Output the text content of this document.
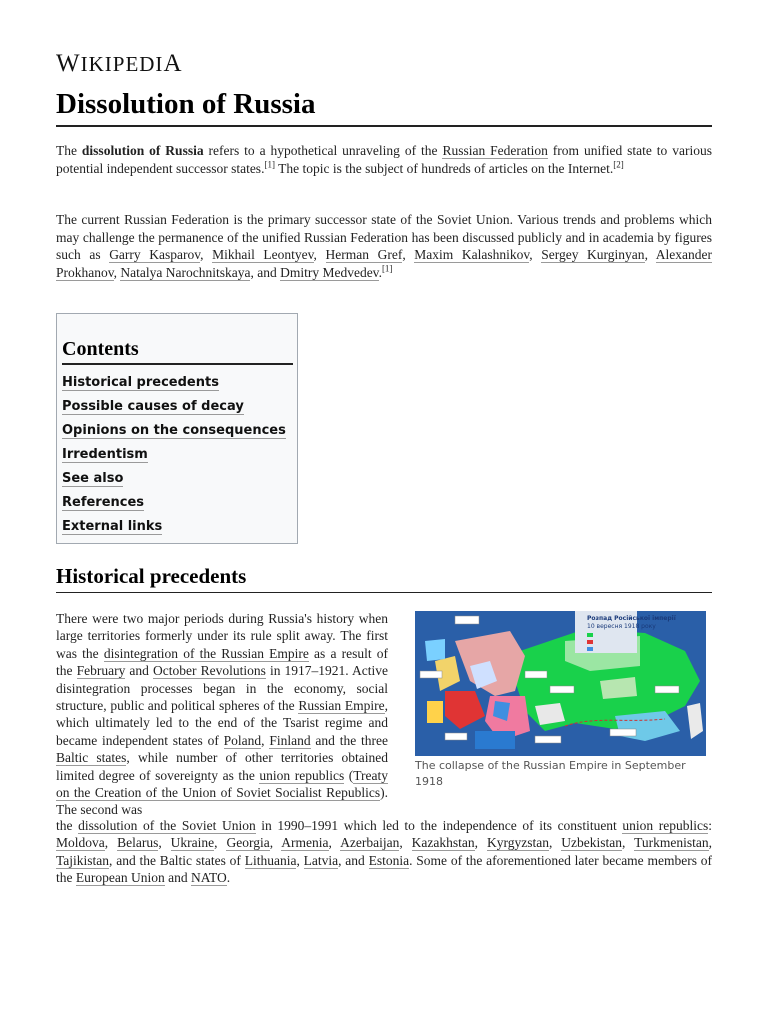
WIKIPEDIA
Dissolution of Russia

The dissolution of Russia refers to a hypothetical unraveling of the Russian Federation from unified state to various potential independent successor states.[1] The topic is the subject of hundreds of articles on the Internet.[2]

The current Russian Federation is the primary successor state of the Soviet Union. Various trends and problems which may challenge the permanence of the unified Russian Federation has been discussed publicly and in academia by figures such as Garry Kasparov, Mikhail Leontyev, Herman Gref, Maxim Kalashnikov, Sergey Kurginyan, Alexander Prokhanov, Natalya Narochnitskaya, and Dmitry Medvedev.[1]

Contents
Historical precedents
Possible causes of decay
Opinions on the consequences
Irredentism
See also
References
External links
Historical precedents

There were two major periods during Russia's history when large territories formerly under its rule split away. The first was the disintegration of the Russian Empire as a result of the February and October Revolutions in 1917–1921. Active disintegration processes began in the economy, social structure, public and political spheres of the Russian Empire, which ultimately led to the end of the Tsarist regime and became independent states of Poland, Finland and the three Baltic states, while number of other territories obtained limited degree of sovereignty as the union republics (Treaty on the Creation of the Union of Soviet Socialist Republics). The second was

the dissolution of the Soviet Union in 1990–1991 which led to the independence of its constituent union republics: Moldova, Belarus, Ukraine, Georgia, Armenia, Azerbaijan, Kazakhstan, Kyrgyzstan, Uzbekistan, Turkmenistan, Tajikistan, and the Baltic states of Lithuania, Latvia, and Estonia. Some of the aforementioned later became members of the European Union and NATO.

Розпад Російської імперії
10 вересня 1918 року
The collapse of the Russian Empire in September 1918
